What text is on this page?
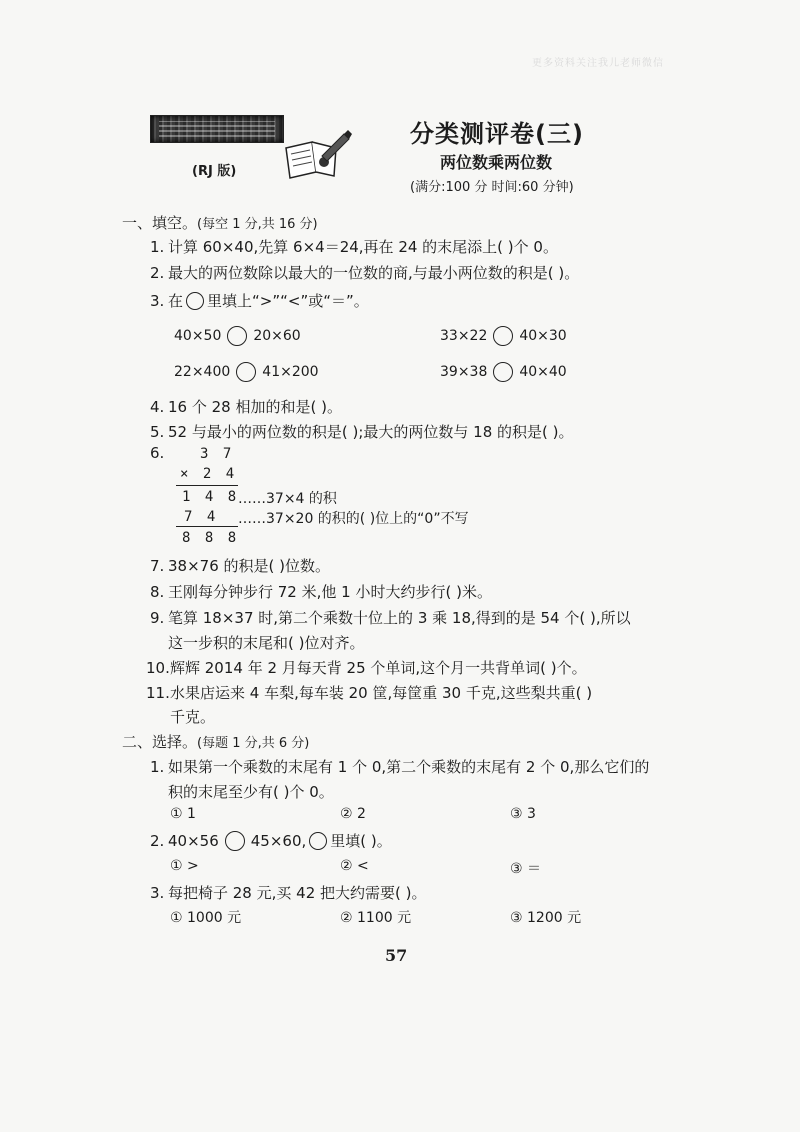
更多资料关注我儿老师微信
(RJ 版)
分类测评卷(三)
两位数乘两位数
(满分:100 分 时间:60 分钟)
一、填空。(每空 1 分,共 16 分)
1. 计算 60×40,先算 6×4＝24,再在 24 的末尾添上( )个 0。
2. 最大的两位数除以最大的一位数的商,与最小两位数的积是( )。
3. 在 里填上“>”“<”或“＝”。
40×50 20×60	33×22 40×30
22×400 41×200	39×38 40×40
4. 16 个 28 相加的和是( )。
5. 52 与最小的两位数的积是( );最大的两位数与 18 的积是( )。
6.	3 7
× 2 4
1 4 8
……37×4 的积
7 4 ……37×20 的积的( )位上的“0”不写
8 8 8
7. 38×76 的积是( )位数。
8. 王刚每分钟步行 72 米,他 1 小时大约步行( )米。
9. 笔算 18×37 时,第二个乘数十位上的 3 乘 18,得到的是 54 个( ),所以
这一步积的末尾和( )位对齐。
10.辉辉 2014 年 2 月每天背 25 个单词,这个月一共背单词( )个。
11.水果店运来 4 车梨,每车装 20 筐,每筐重 30 千克,这些梨共重( )
千克。
二、选择。(每题 1 分,共 6 分)
1. 如果第一个乘数的末尾有 1 个 0,第二个乘数的末尾有 2 个 0,那么它们的
积的末尾至少有( )个 0。
① 1	② 2	③ 3
2. 40×56 45×60, 里填( )。
① >	② <	③ ＝
3. 每把椅子 28 元,买 42 把大约需要( )。
① 1000 元	② 1100 元	③ 1200 元
57
